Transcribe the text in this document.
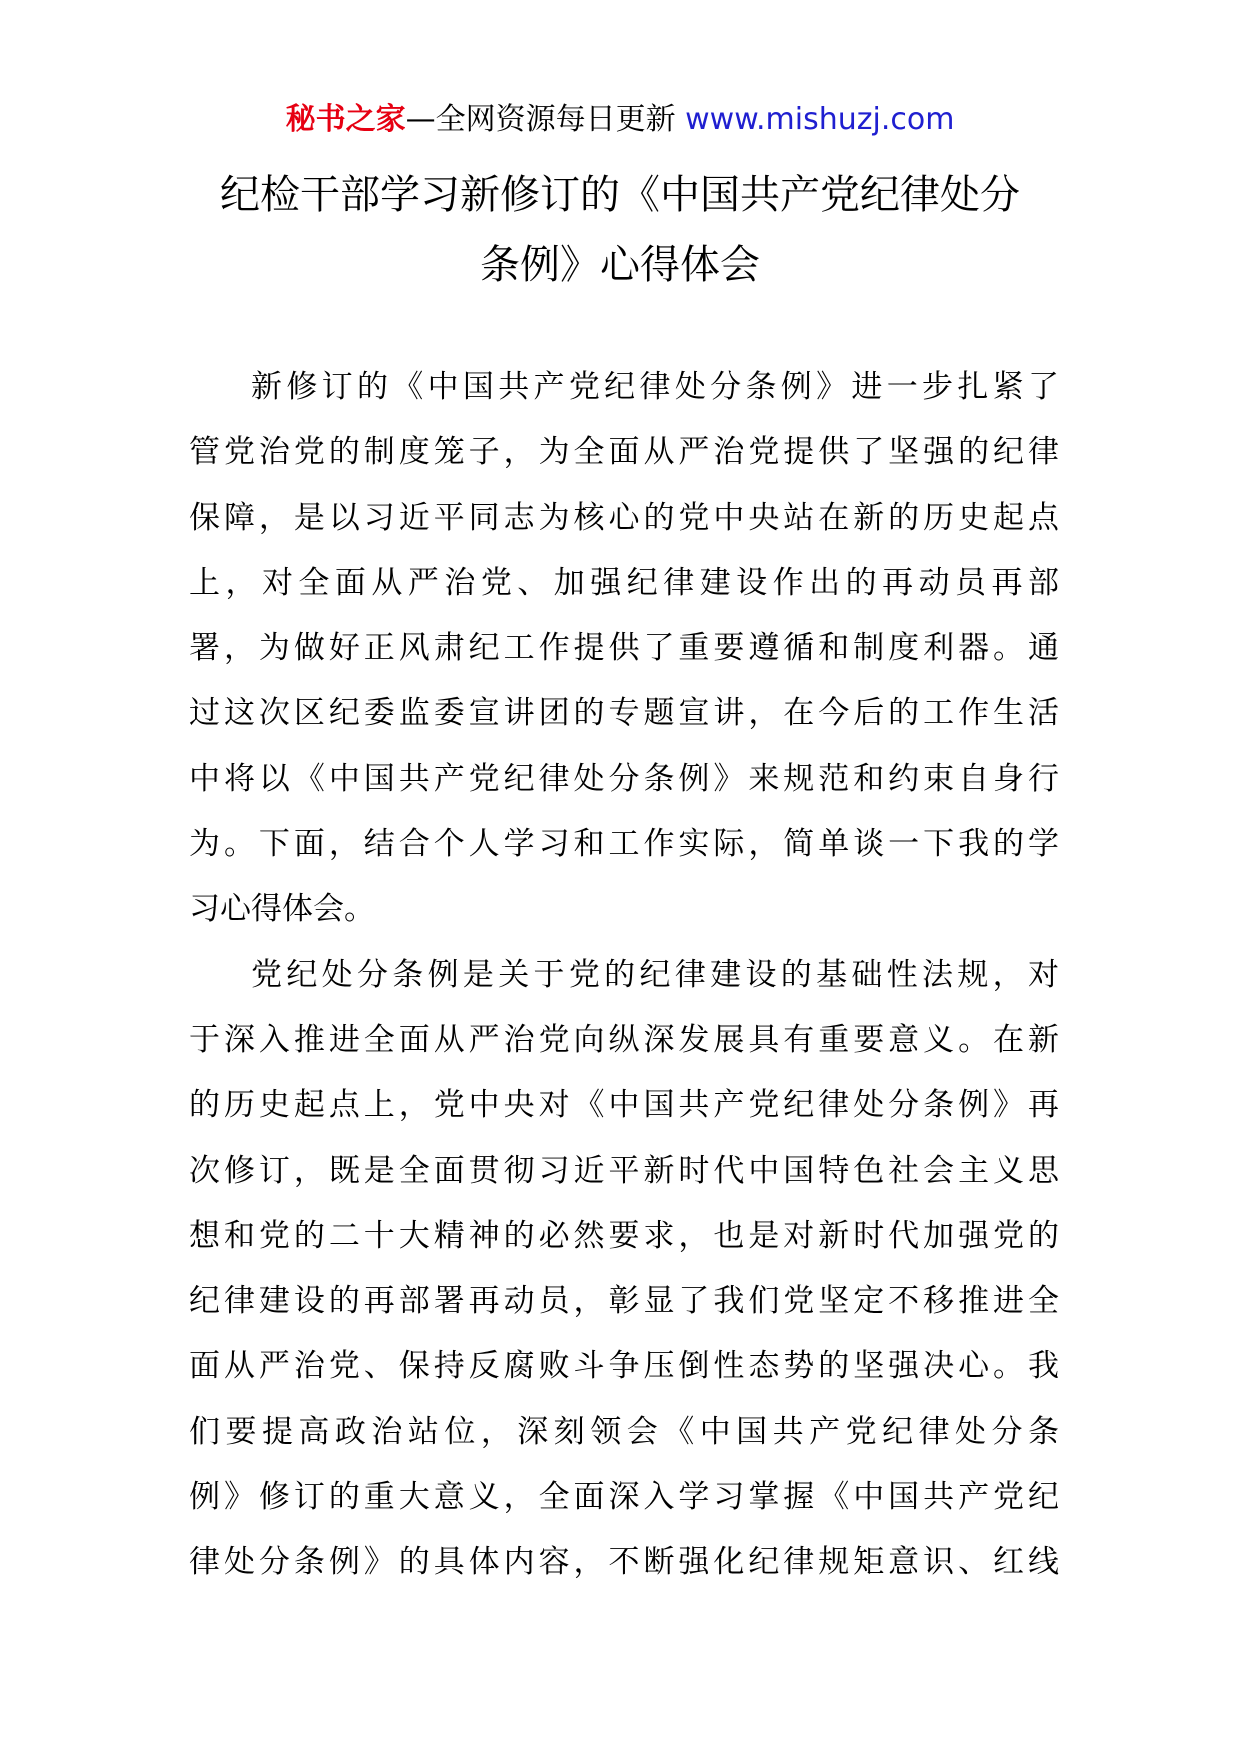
秘书之家—全网资源每日更新 www.mishuzj.com
纪检干部学习新修订的《中国共产党纪律处分
条例》心得体会
新修订的《中国共产党纪律处分条例》进一步扎紧了
管党治党的制度笼子，为全面从严治党提供了坚强的纪律
保障，是以习近平同志为核心的党中央站在新的历史起点
上，对全面从严治党、加强纪律建设作出的再动员再部
署，为做好正风肃纪工作提供了重要遵循和制度利器。通
过这次区纪委监委宣讲团的专题宣讲，在今后的工作生活
中将以《中国共产党纪律处分条例》来规范和约束自身行
为。下面，结合个人学习和工作实际，简单谈一下我的学
习心得体会。
党纪处分条例是关于党的纪律建设的基础性法规，对
于深入推进全面从严治党向纵深发展具有重要意义。在新
的历史起点上，党中央对《中国共产党纪律处分条例》再
次修订，既是全面贯彻习近平新时代中国特色社会主义思
想和党的二十大精神的必然要求，也是对新时代加强党的
纪律建设的再部署再动员，彰显了我们党坚定不移推进全
面从严治党、保持反腐败斗争压倒性态势的坚强决心。我
们要提高政治站位，深刻领会《中国共产党纪律处分条
例》修订的重大意义，全面深入学习掌握《中国共产党纪
律处分条例》的具体内容，不断强化纪律规矩意识、红线
